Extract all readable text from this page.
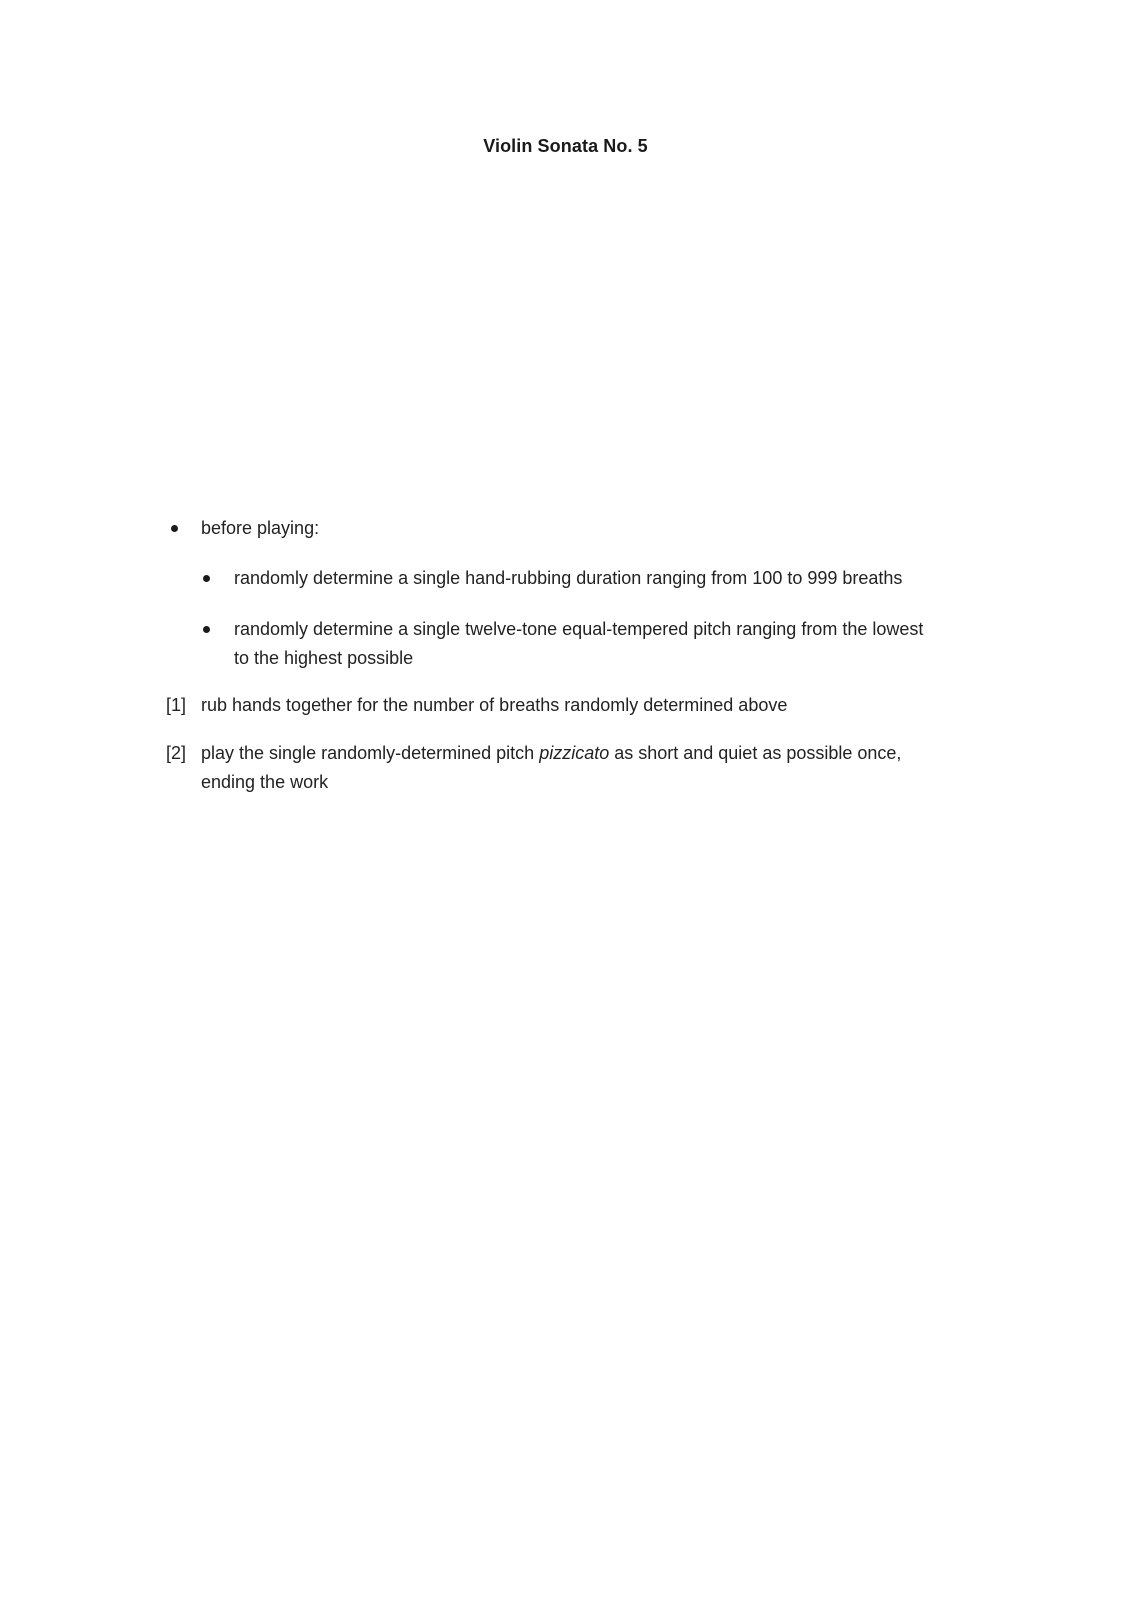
Violin Sonata No. 5
before playing:
randomly determine a single hand-rubbing duration ranging from 100 to 999 breaths
randomly determine a single twelve-tone equal-tempered pitch ranging from the lowest
to the highest possible
[1] rub hands together for the number of breaths randomly determined above
[2] play the single randomly-determined pitch pizzicato as short and quiet as possible once,
ending the work
